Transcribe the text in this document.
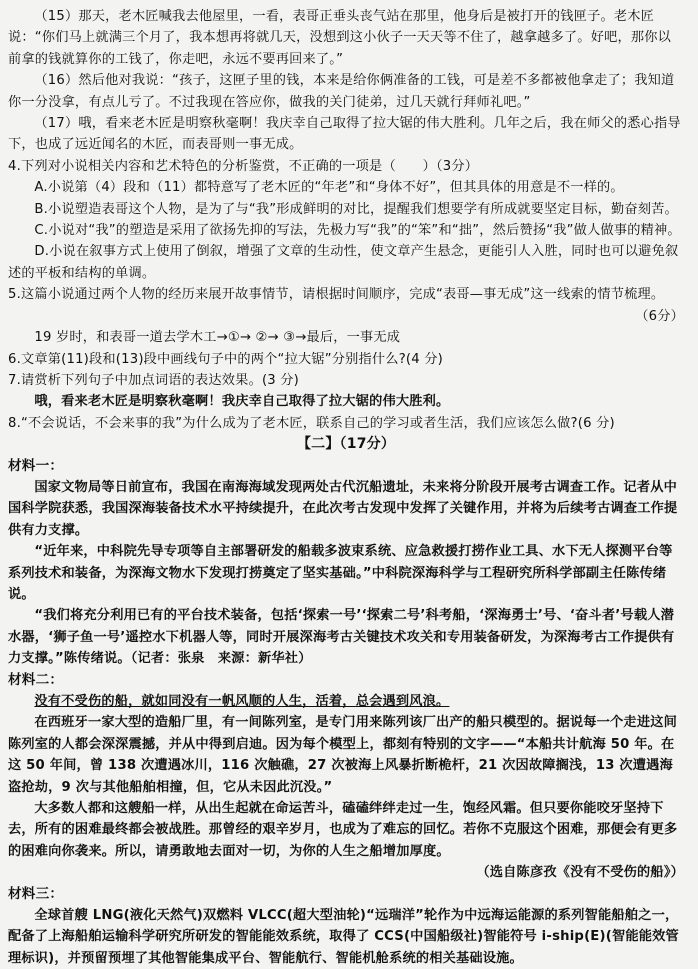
（15）那天，老木匠喊我去他屋里，一看，表哥正垂头丧气站在那里，他身后是被打开的钱匣子。老木匠说：“你们马上就满三个月了，我本想再将就几天，没想到这小伙子一天天等不住了，越拿越多了。好吧，那你以前拿的钱就算你的工钱了，你走吧，永远不要再回来了。”

（16）然后他对我说：“孩子，这匣子里的钱，本来是给你俩准备的工钱，可是差不多都被他拿走了；我知道你一分没拿，有点儿亏了。不过我现在答应你，做我的关门徒弟，过几天就行拜师礼吧。”

（17）哦，看来老木匠是明察秋毫啊！我庆幸自己取得了拉大锯的伟大胜利。几年之后，我在师父的悉心指导下，也成了远近闻名的木匠，而表哥则一事无成。

4.下列对小说相关内容和艺术特色的分析鉴赏，不正确的一项是（　　）（3分）

A.小说第（4）段和（11）都特意写了老木匠的“年老”和“身体不好”，但其具体的用意是不一样的。

B.小说塑造表哥这个人物，是为了与“我”形成鲜明的对比，提醒我们想要学有所成就要坚定目标，勤奋刻苦。

C.小说对“我”的塑造是采用了欲扬先抑的写法，先极力写“我”的“笨”和“拙”，然后赞扬“我”做人做事的精神。

D.小说在叙事方式上使用了倒叙，增强了文章的生动性，使文章产生悬念，更能引人入胜，同时也可以避免叙述的平板和结构的单调。

5.这篇小说通过两个人物的经历来展开故事情节，请根据时间顺序，完成“表哥—事无成”这一线索的情节梳理。

（6分）

19 岁时，和表哥一道去学木工→①→ ②→ ③→最后，一事无成

6.文章第(11)段和(13)段中画线句子中的两个“拉大锯”分别指什么?(4 分)

7.请赏析下列句子中加点词语的表达效果。(3 分)

哦，看来老木匠是明察秋毫啊！我庆幸自己取得了拉大锯的伟大胜利。

8.“不会说话，不会来事的我”为什么成为了老木匠，联系自己的学习或者生活，我们应该怎么做?(6 分)

【二】（17分）

材料一：

国家文物局等日前宣布，我国在南海海域发现两处古代沉船遗址，未来将分阶段开展考古调查工作。记者从中国科学院获悉，我国深海装备技术水平持续提升，在此次考古发现中发挥了关键作用，并将为后续考古调查工作提供有力支撑。

“近年来，中科院先导专项等自主部署研发的船载多波束系统、应急救援打捞作业工具、水下无人探测平台等系列技术和装备，为深海文物水下发现打捞奠定了坚实基础。”中科院深海科学与工程研究所科学部副主任陈传绪说。

“我们将充分利用已有的平台技术装备，包括‘探索一号’‘探索二号’科考船，‘深海勇士’号、‘奋斗者’号载人潜水器，‘狮子鱼一号’遥控水下机器人等，同时开展深海考古关键技术攻关和专用装备研发，为深海考古工作提供有力支撑。”陈传绪说。（记者：张泉　来源：新华社）

材料二：

没有不受伤的船，就如同没有一帆风顺的人生，活着，总会遇到风浪。

在西班牙一家大型的造船厂里，有一间陈列室，是专门用来陈列该厂出产的船只模型的。据说每一个走进这间陈列室的人都会深深震撼，并从中得到启迪。因为每个模型上，都刻有特别的文字——“本船共计航海 50 年。在这 50 年间，曾 138 次遭遇冰川，116 次触礁，27 次被海上风暴折断桅杆，21 次因故障搁浅，13 次遭遇海盗抢劫，9 次与其他船舶相撞，但，它从未因此沉没。”

大多数人都和这艘船一样，从出生起就在命运苦斗，磕磕绊绊走过一生，饱经风霜。但只要你能咬牙坚持下去，所有的困难最终都会被战胜。那曾经的艰辛岁月，也成为了难忘的回忆。若你不克服这个困难，那便会有更多的困难向你袭来。所以，请勇敢地去面对一切，为你的人生之船增加厚度。

（选自陈彦孜《没有不受伤的船》）

材料三：

全球首艘 LNG(液化天然气)双燃料 VLCC(超大型油轮)“远瑞洋”轮作为中远海运能源的系列智能船舶之一，配备了上海船舶运输科学研究所研发的智能能效系统，取得了 CCS(中国船级社)智能符号 i-ship(E)(智能能效管理标识)，并预留预埋了其他智能集成平台、智能航行、智能机舱系统的相关基础设施。
